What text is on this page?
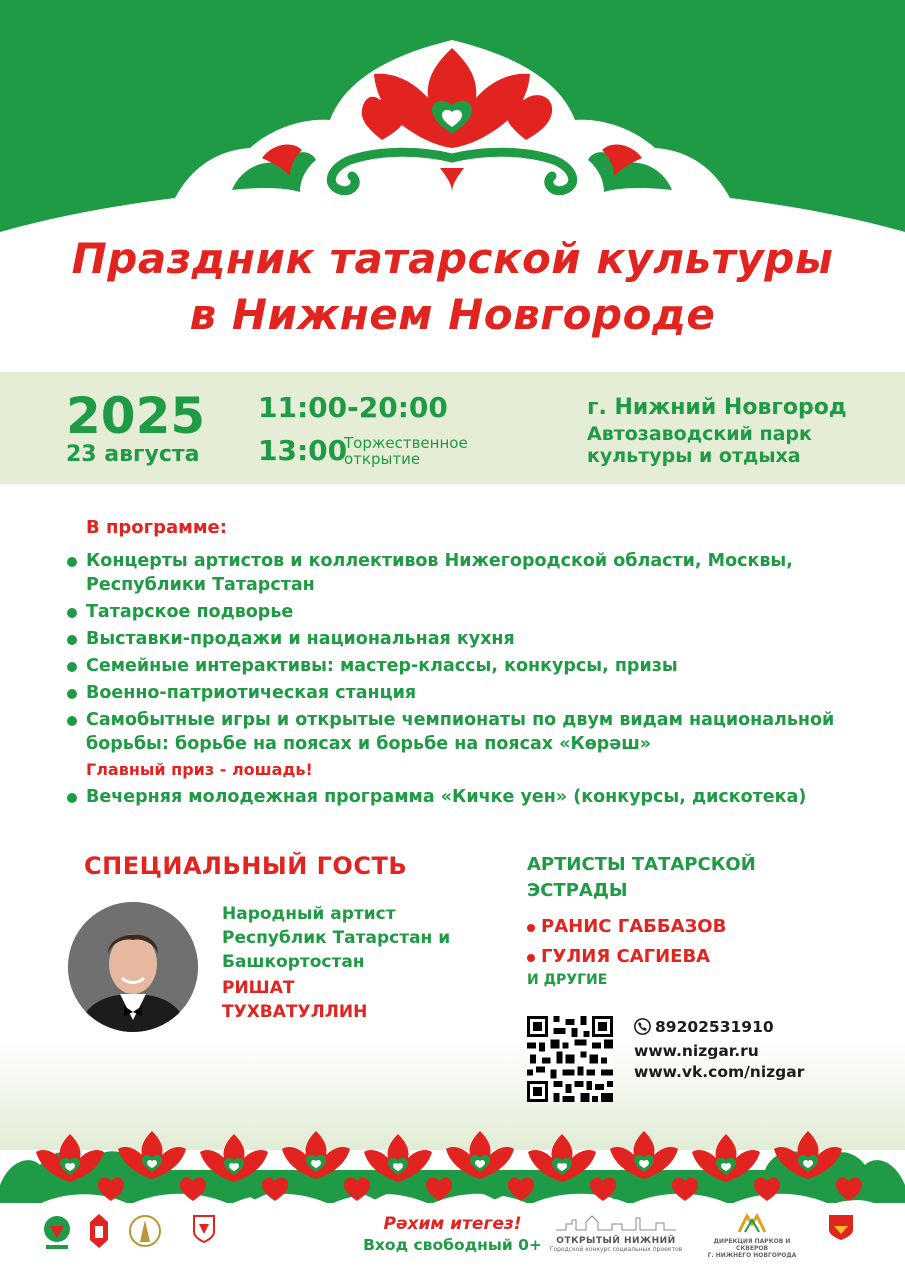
Праздник татарской культуры
в Нижнем Новгороде
2025
23 августа
11:00-20:00
13:00
Торжественное открытие
г. Нижний Новгород
Автозаводский парк культуры и отдыха
В программе:
Концерты артистов и коллективов Нижегородской области, Москвы, Республики Татарстан
Татарское подворье
Выставки-продажи и национальная кухня
Семейные интерактивы: мастер-классы, конкурсы, призы
Военно-патриотическая станция
Самобытные игры и открытые чемпионаты по двум видам национальной борьбы: борьбе на поясах и борьбе на поясах «Көрәш»
Главный приз - лошадь!
Вечерняя молодежная программа «Кичке уен» (конкурсы, дискотека)
СПЕЦИАЛЬНЫЙ ГОСТЬ
Народный артист Республик Татарстан и Башкортостан
РИШАТ ТУХВАТУЛЛИН
АРТИСТЫ ТАТАРСКОЙ ЭСТРАДЫ
РАНИС ГАББАЗОВ
ГУЛИЯ САГИЕВА
И ДРУГИЕ
89202531910
www.nizgar.ru
www.vk.com/nizgar
Рәхим итегез!
Вход свободный 0+	ОТКРЫТЫЙ НИЖНИЙ
Городской конкурс социальных проектов
ДИРЕКЦИЯ ПАРКОВ И СКВЕРОВ
Г. НИЖНЕГО НОВГОРОДА
